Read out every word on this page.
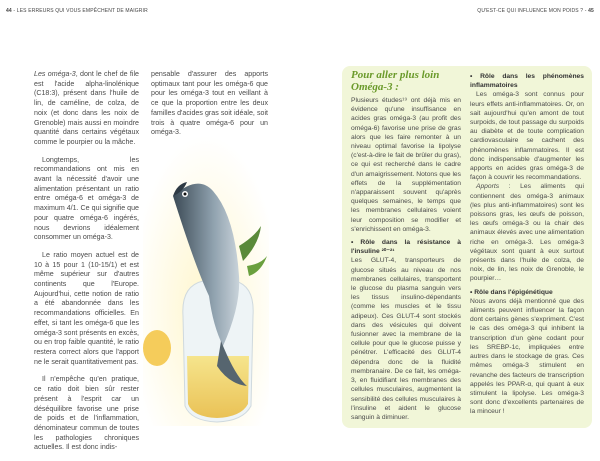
44 - LES ERREURS QUI VOUS EMPÊCHENT DE MAIGRIR	QU'EST-CE QUI INFLUENCE MON POIDS ? - 45

Les oméga-3, dont le chef de file est l'acide alpha-linolénique (C18:3), présent dans l'huile de lin, de caméline, de colza, de noix (et donc dans les noix de Grenoble) mais aussi en moindre quantité dans certains végétaux comme le pourpier ou la mâche.

Longtemps, les recommandations ont mis en avant la nécessité d'avoir une alimentation présentant un ratio entre oméga-6 et oméga-3 de maximum 4/1. Ce qui signifie que pour quatre oméga-6 ingérés, nous devrions idéalement consommer un oméga-3.

Le ratio moyen actuel est de 10 à 15 pour 1 (10-15/1) et est même supérieur sur d'autres continents que l'Europe. Aujourd'hui, cette notion de ratio a été abandonnée dans les recommandations officielles. En effet, si tant les oméga-6 que les oméga-3 sont présents en excès, ou en trop faible quantité, le ratio restera correct alors que l'apport ne le serait quantitativement pas.

Il n'empêche qu'en pratique, ce ratio doit bien sûr rester présent à l'esprit car un déséquilibre favorise une prise de poids et de l'inflammation, dénominateur commun de toutes les pathologies chroniques actuelles. Il est donc indis-

pensable d'assurer des apports optimaux tant pour les oméga-6 que pour les oméga-3 tout en veillant à ce que la proportion entre les deux familles d'acides gras soit idéale, soit trois à quatre oméga-6 pour un oméga-3.

Pour aller plus loin Oméga-3 :

Plusieurs études¹⁹ ont déjà mis en évidence qu'une insuffisance en acides gras oméga-3 (au profit des oméga-6) favorise une prise de gras alors que les faire remonter à un niveau optimal favorise la lipolyse (c'est-à-dire le fait de brûler du gras), ce qui est recherché dans le cadre d'un amaigrissement. Notons que les effets de la supplémentation n'apparaissent souvent qu'après quelques semaines, le temps que les membranes cellulaires voient leur composition se modifier et s'enrichissent en oméga-3.

• Rôle dans la résistance à l'insuline ²⁰⁻²¹

Les GLUT-4, transporteurs de glucose situés au niveau de nos membranes cellulaires, transportent le glucose du plasma sanguin vers les tissus insulino-dépendants (comme les muscles et le tissu adipeux). Ces GLUT-4 sont stockés dans des vésicules qui doivent fusionner avec la membrane de la cellule pour que le glucose puisse y pénétrer. L'efficacité des GLUT-4 dépendra donc de la fluidité membranaire. De ce fait, les oméga-3, en fluidifiant les membranes des cellules musculaires, augmentent la sensibilité des cellules musculaires à l'insuline et aident le glucose sanguin à diminuer.

• Rôle dans les phénomènes inflammatoires

Les oméga-3 sont connus pour leurs effets anti-inflammatoires. Or, on sait aujourd'hui qu'en amont de tout surpoids, de tout passage du surpoids au diabète et de toute complication cardiovasculaire se cachent des phénomènes inflammatoires. Il est donc indispensable d'augmenter les apports en acides gras oméga-3 de façon à couvrir les recommandations.

Apports : Les aliments qui contiennent des oméga-3 animaux (les plus anti-inflammatoires) sont les poissons gras, les œufs de poisson, les œufs oméga-3 ou la chair des animaux élevés avec une alimentation riche en oméga-3. Les oméga-3 végétaux sont quant à eux surtout présents dans l'huile de colza, de noix, de lin, les noix de Grenoble, le pourpier…

• Rôle dans l'épigénétique

Nous avons déjà mentionné que des aliments peuvent influencer la façon dont certains gènes s'expriment. C'est le cas des oméga-3 qui inhibent la transcription d'un gène codant pour les SREBP-1c, impliquées entre autres dans le stockage de gras. Ces mêmes oméga-3 stimulent en revanche des facteurs de transcription appelés les PPAR-α, qui quant à eux stimulent la lipolyse. Les oméga-3 sont donc d'excellents partenaires de la minceur !
